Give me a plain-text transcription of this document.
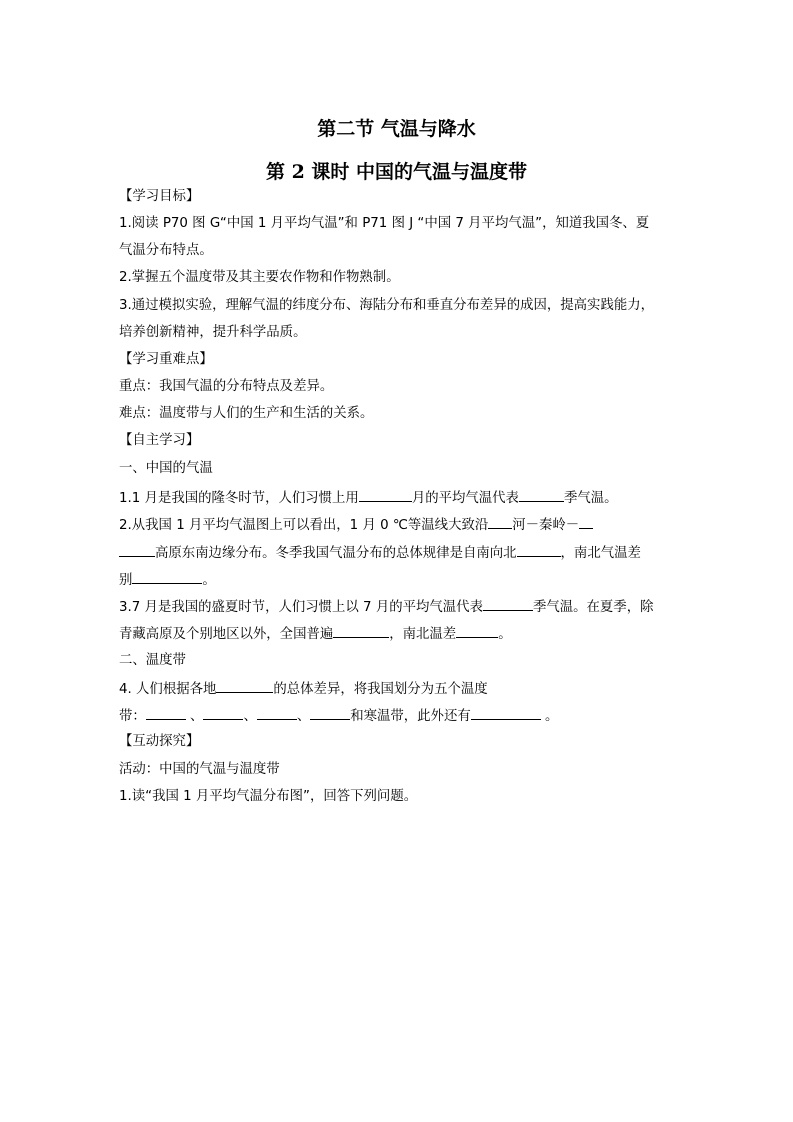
第二节 气温与降水
第 2 课时 中国的气温与温度带
【学习目标】
1.阅读 P70 图 G“中国 1 月平均气温”和 P71 图 J “中国 7 月平均气温”，知道我国冬、夏
气温分布特点。
2.掌握五个温度带及其主要农作物和作物熟制。
3.通过模拟实验，理解气温的纬度分布、海陆分布和垂直分布差异的成因，提高实践能力，
培养创新精神，提升科学品质。
【学习重难点】
重点：我国气温的分布特点及差异。
难点：温度带与人们的生产和生活的关系。
【自主学习】
一、中国的气温
1.1 月是我国的隆冬时节，人们习惯上用	月的平均气温代表	季气温。
2.从我国 1 月平均气温图上可以看出，1 月 0 ℃等温线大致沿 河－秦岭－
高原东南边缘分布。冬季我国气温分布的总体规律是自南向北	，南北气温差
别	。
3.7 月是我国的盛夏时节，人们习惯上以 7 月的平均气温代表	季气温。在夏季，除
青藏高原及个别地区以外，全国普遍	，南北温差	。
二、温度带
4. 人们根据各地	的总体差异，将我国划分为五个温度
带：	、	、	、	和寒温带，此外还有	。
【互动探究】
活动：中国的气温与温度带
1.读“我国 1 月平均气温分布图”，回答下列问题。
